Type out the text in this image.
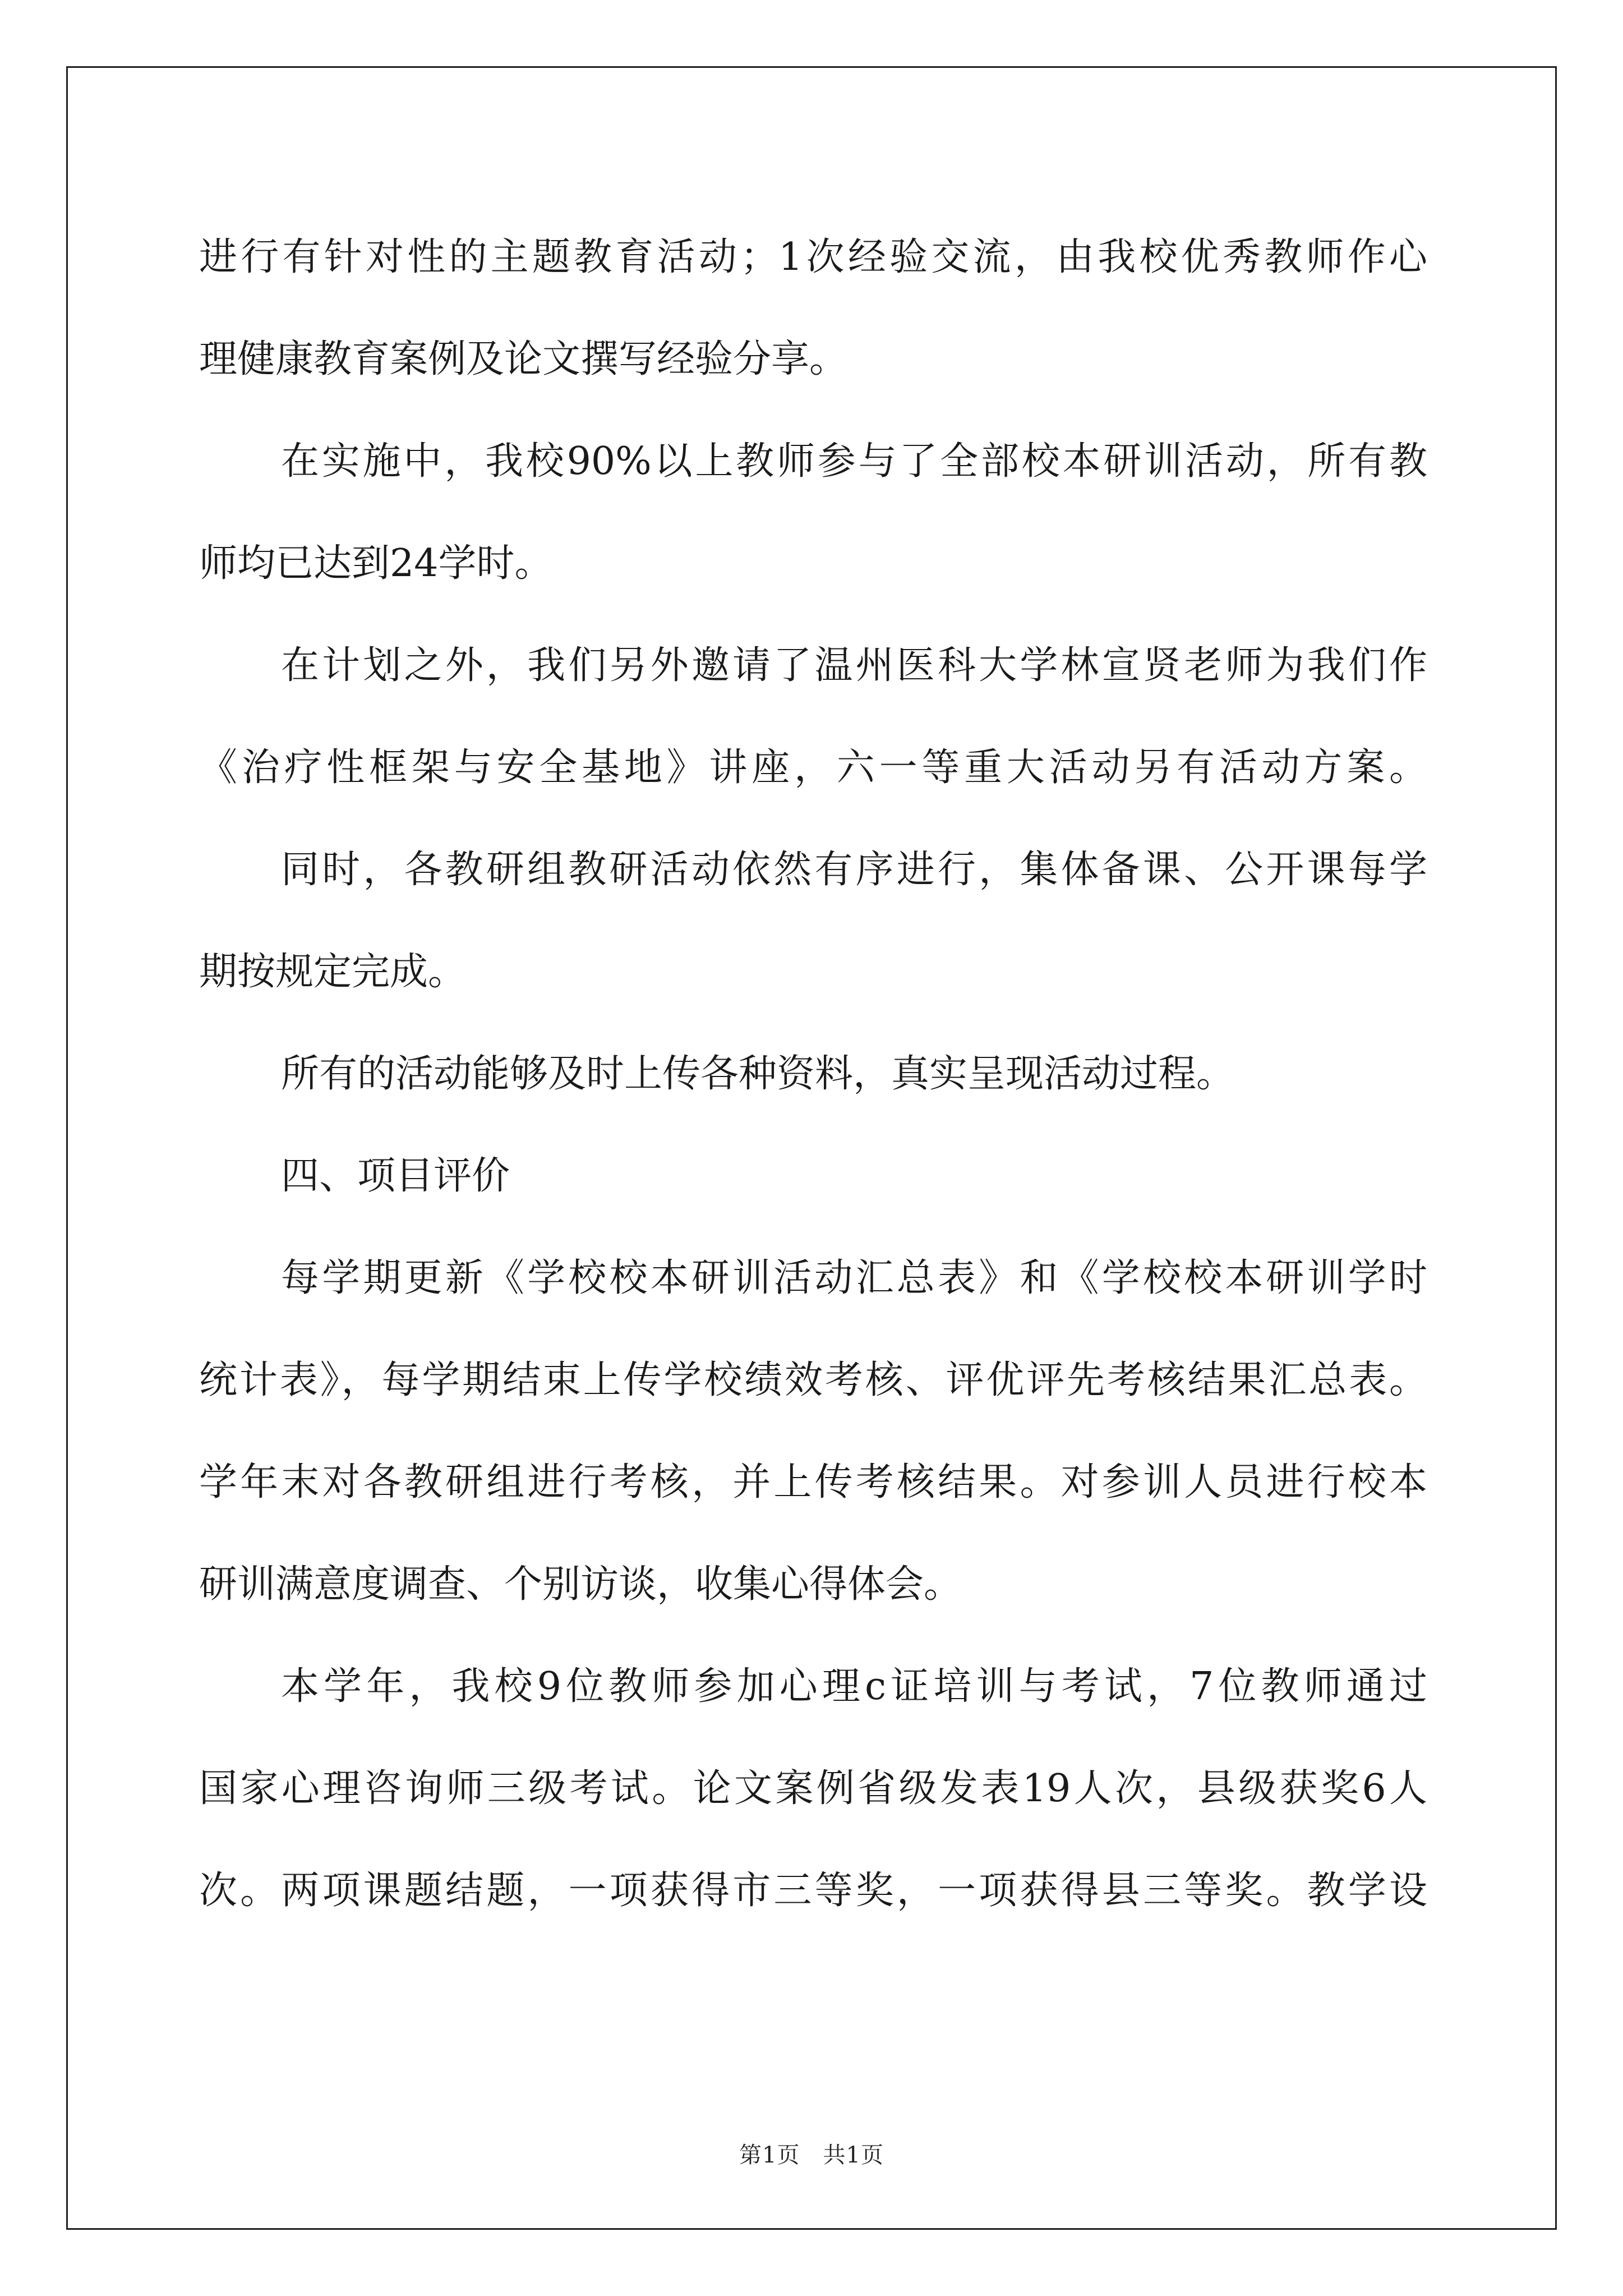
进行有针对性的主题教育活动；1次经验交流，由我校优秀教师作心
理健康教育案例及论文撰写经验分享。
在实施中，我校90%以上教师参与了全部校本研训活动，所有教
师均已达到24学时。
在计划之外，我们另外邀请了温州医科大学林宣贤老师为我们作
《治疗性框架与安全基地》讲座，六一等重大活动另有活动方案。
同时，各教研组教研活动依然有序进行，集体备课、公开课每学
期按规定完成。
所有的活动能够及时上传各种资料，真实呈现活动过程。
四、项目评价
每学期更新《学校校本研训活动汇总表》和《学校校本研训学时
统计表》，每学期结束上传学校绩效考核、评优评先考核结果汇总表。
学年末对各教研组进行考核，并上传考核结果。对参训人员进行校本
研训满意度调查、个别访谈，收集心得体会。
本学年，我校9位教师参加心理c证培训与考试，7位教师通过
国家心理咨询师三级考试。论文案例省级发表19人次，县级获奖6人
次。两项课题结题，一项获得市三等奖，一项获得县三等奖。教学设
第1页　共1页
